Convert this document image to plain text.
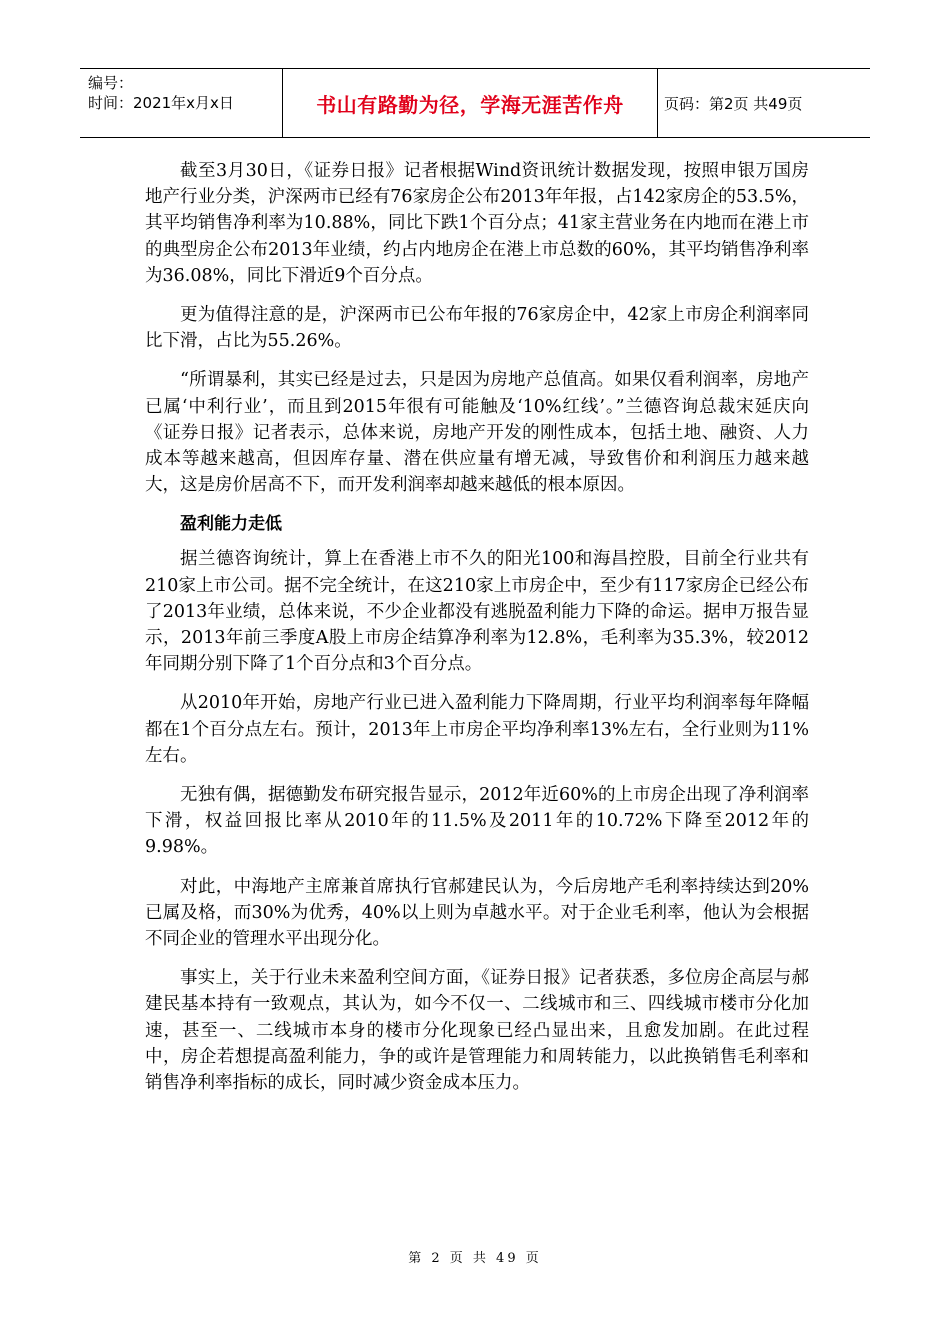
编号：
时间：2021年x月x日	书山有路勤为径，学海无涯苦作舟	页码：第2页 共49页

截至3月30日，《证券日报》记者根据Wind资讯统计数据发现，按照申银万国房地产行业分类，沪深两市已经有76家房企公布2013年年报，占142家房企的53.5%，其平均销售净利率为10.88%，同比下跌1个百分点；41家主营业务在内地而在港上市的典型房企公布2013年业绩，约占内地房企在港上市总数的60%，其平均销售净利率为36.08%，同比下滑近9个百分点。

更为值得注意的是，沪深两市已公布年报的76家房企中，42家上市房企利润率同比下滑，占比为55.26%。

“所谓暴利，其实已经是过去，只是因为房地产总值高。如果仅看利润率，房地产已属‘中利行业’，而且到2015年很有可能触及‘10%红线’。”兰德咨询总裁宋延庆向《证券日报》记者表示，总体来说，房地产开发的刚性成本，包括土地、融资、人力成本等越来越高，但因库存量、潜在供应量有增无减，导致售价和利润压力越来越大，这是房价居高不下，而开发利润率却越来越低的根本原因。

盈利能力走低

据兰德咨询统计，算上在香港上市不久的阳光100和海昌控股，目前全行业共有210家上市公司。据不完全统计，在这210家上市房企中，至少有117家房企已经公布了2013年业绩，总体来说，不少企业都没有逃脱盈利能力下降的命运。据申万报告显示，2013年前三季度A股上市房企结算净利率为12.8%，毛利率为35.3%，较2012年同期分别下降了1个百分点和3个百分点。

从2010年开始，房地产行业已进入盈利能力下降周期，行业平均利润率每年降幅都在1个百分点左右。预计，2013年上市房企平均净利率13%左右，全行业则为11%左右。

无独有偶，据德勤发布研究报告显示，2012年近60%的上市房企出现了净利润率下滑，权益回报比率从2010年的11.5%及2011年的10.72%下降至2012年的9.98%。

对此，中海地产主席兼首席执行官郝建民认为，今后房地产毛利率持续达到20%已属及格，而30%为优秀，40%以上则为卓越水平。对于企业毛利率，他认为会根据不同企业的管理水平出现分化。

事实上，关于行业未来盈利空间方面，《证券日报》记者获悉，多位房企高层与郝建民基本持有一致观点，其认为，如今不仅一、二线城市和三、四线城市楼市分化加速，甚至一、二线城市本身的楼市分化现象已经凸显出来，且愈发加剧。在此过程中，房企若想提高盈利能力，争的或许是管理能力和周转能力，以此换销售毛利率和销售净利率指标的成长，同时减少资金成本压力。

第 2 页 共 49 页
